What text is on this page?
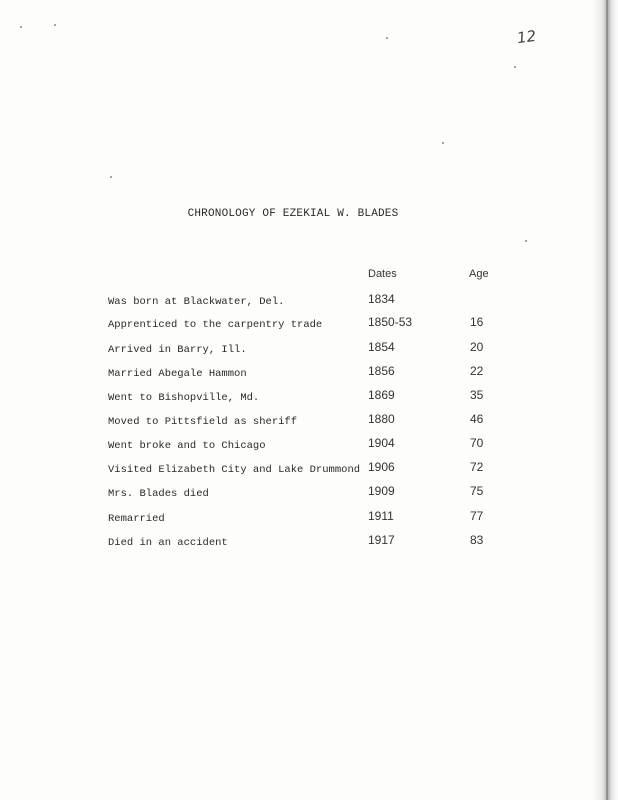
12
CHRONOLOGY OF EZEKIAL W. BLADES
Dates	Age
Was born at Blackwater, Del.	1834
Apprenticed to the carpentry trade	1850-53	16
Arrived in Barry, Ill.	1854	20
Married Abegale Hammon	1856	22
Went to Bishopville, Md.	1869	35
Moved to Pittsfield as sheriff	1880	46
Went broke and to Chicago	1904	70
Visited Elizabeth City and Lake Drummond 1906	72
Mrs. Blades died	1909	75
Remarried	1911	77
Died in an accident	1917	83
